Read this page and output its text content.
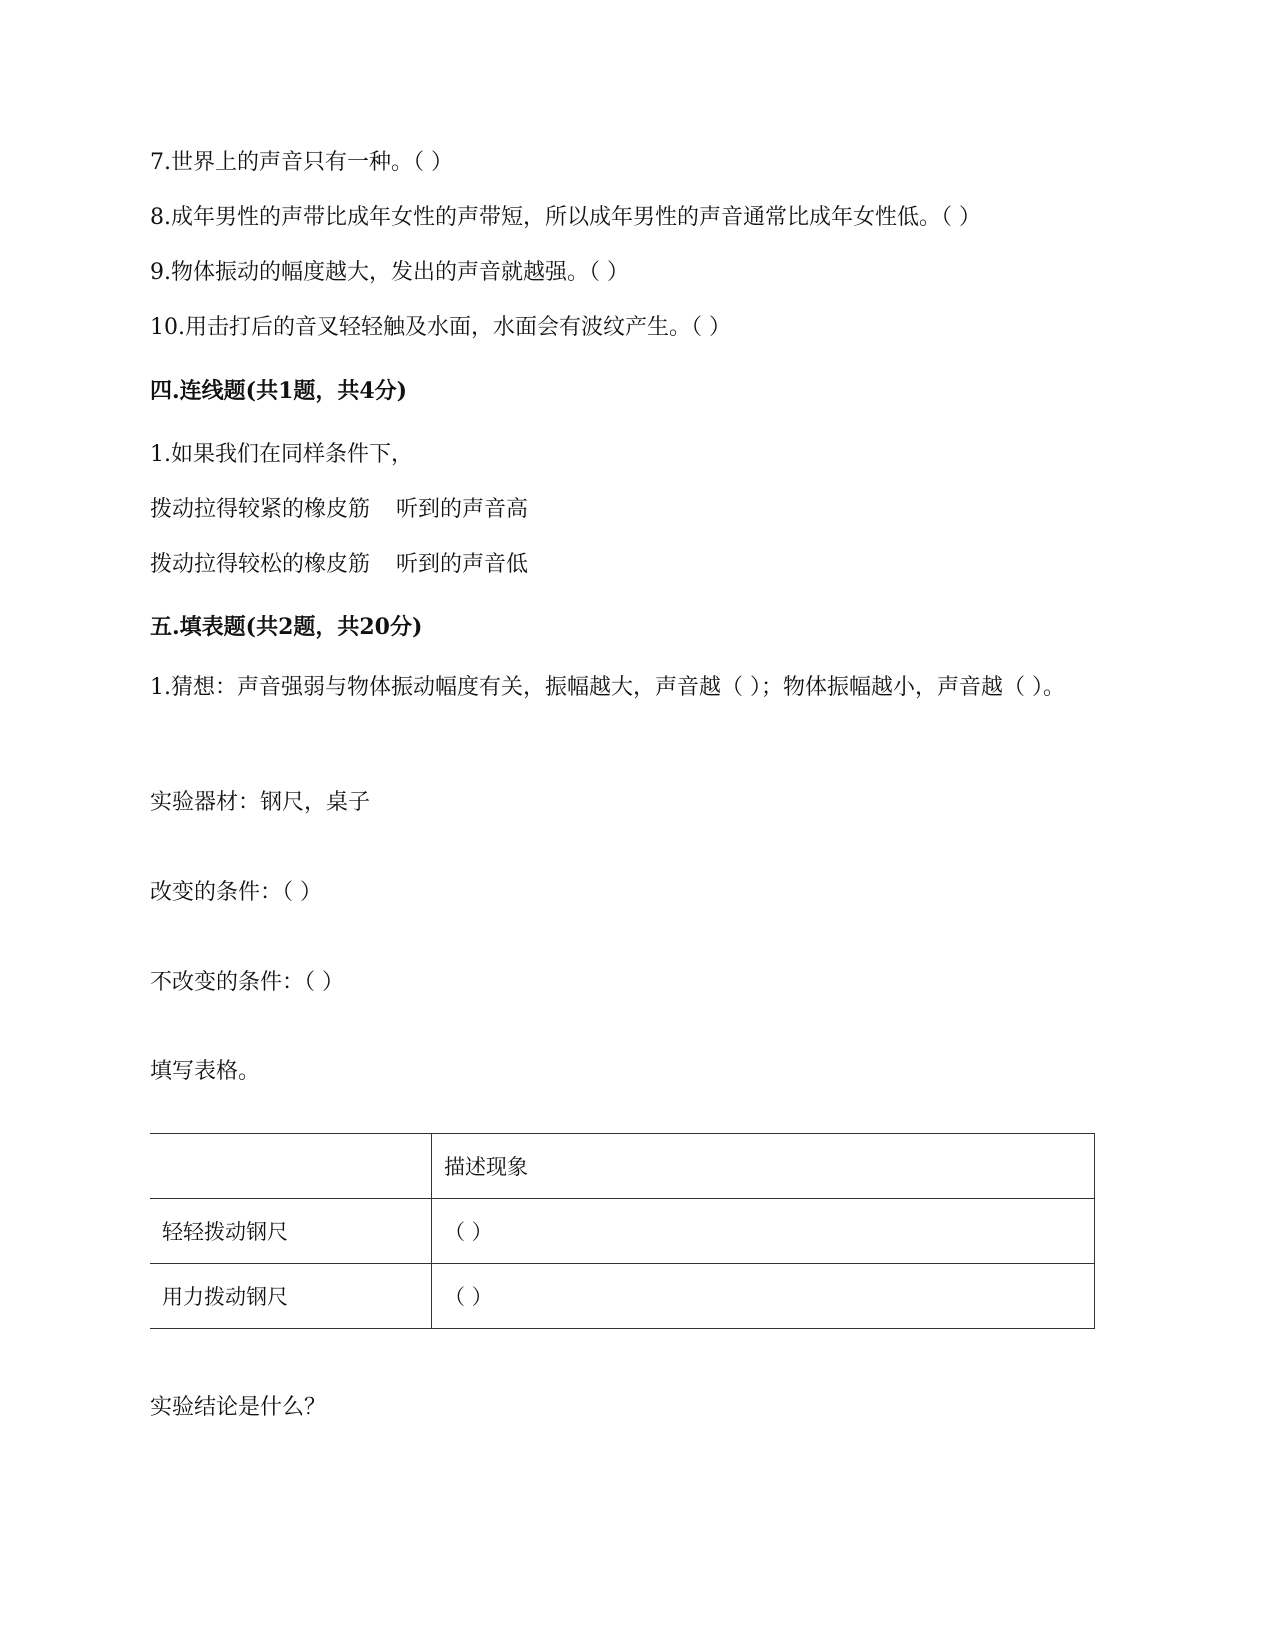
7.世界上的声音只有一种。（ ）
8.成年男性的声带比成年女性的声带短，所以成年男性的声音通常比成年女性低。（ ）
9.物体振动的幅度越大，发出的声音就越强。（ ）
10.用击打后的音叉轻轻触及水面，水面会有波纹产生。（ ）
四.连线题(共1题，共4分)
1.如果我们在同样条件下，
拨动拉得较紧的橡皮筋 听到的声音高
拨动拉得较松的橡皮筋 听到的声音低
五.填表题(共2题，共20分)
1.猜想：声音强弱与物体振动幅度有关，振幅越大，声音越（ ）；物体振幅越小，声音越（ ）。
实验器材：钢尺，桌子
改变的条件：（ ）
不改变的条件：（ ）
填写表格。
	描述现象
轻轻拨动钢尺	（ ）
用力拨动钢尺	（ ）
实验结论是什么？
